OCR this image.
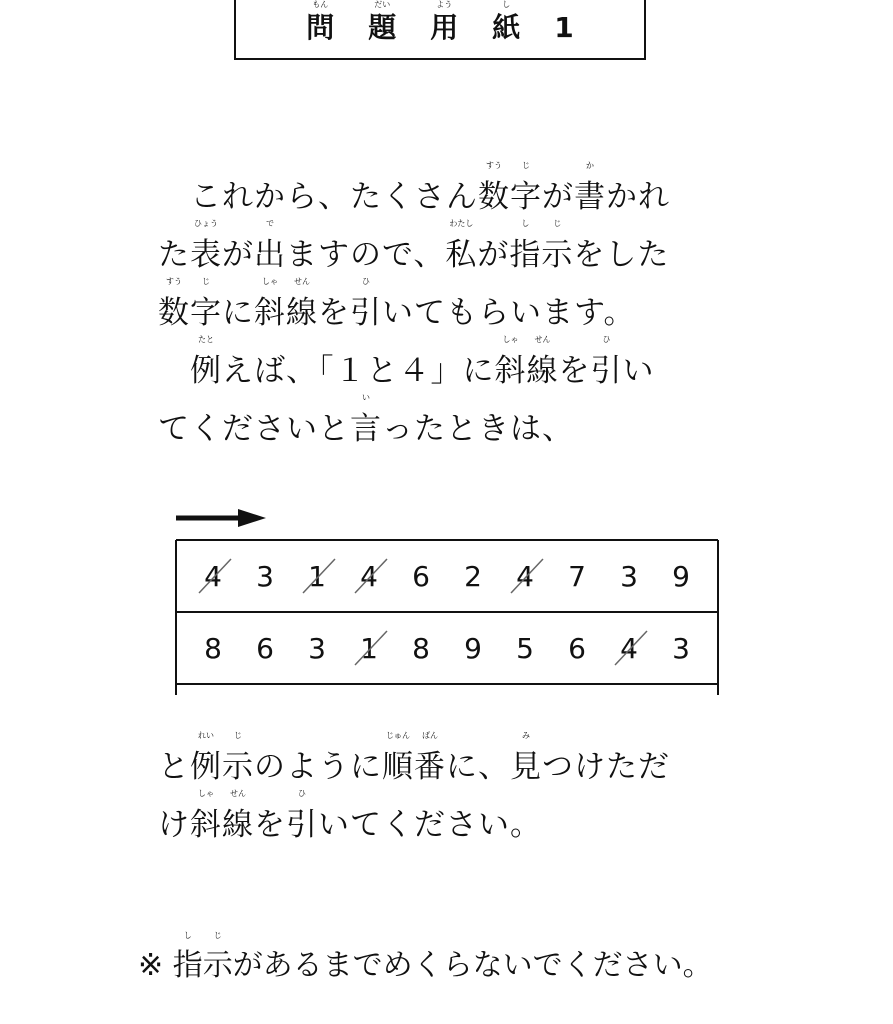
もん
問
だい
題
よう
用
し
紙 1
　これから、たくさん
すう
数
じ
字が
か
書かれ
た
ひょう
表が
で
出ますので、
わたし
私が
し
指
じ
示をした
すう
数
じ
字に
しゃ
斜
せん
線を
ひ
引いてもらいます。

たと
例えば、「１と４」に
しゃ
斜
せん
線を
ひ
引い
てくださいと
い
言ったときは、
4	3	1	4	6	2	4	7	3	9
8	6	3	1	8	9	5	6	4	3
と
れい
例
じ
示のように
じゅん
順
ばん
番に、
み
見つけただ
け
しゃ
斜
せん
線を
ひ
引いてください。
※
し
指
じ
示があるまでめくらないでください。
